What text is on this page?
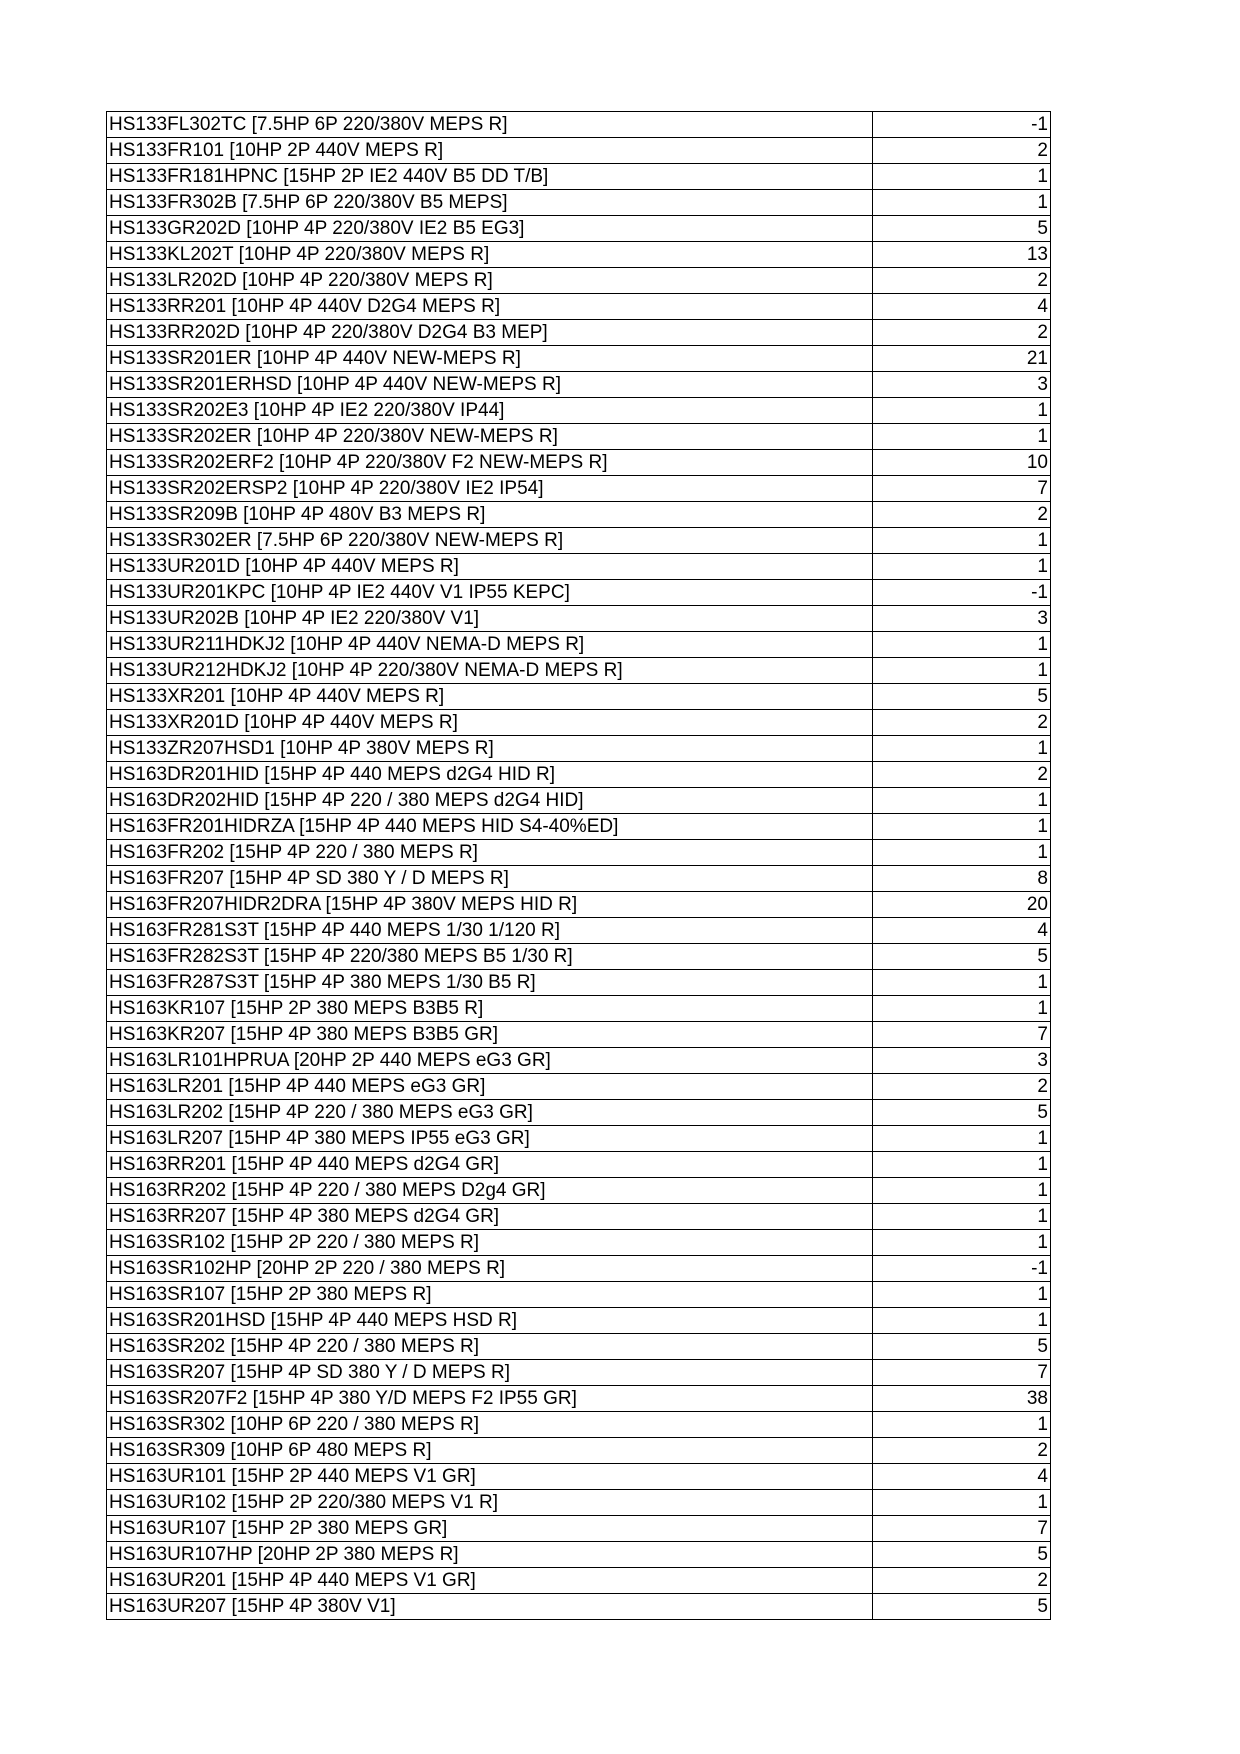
HS133FL302TC [7.5HP 6P 220/380V MEPS R]	-1
HS133FR101 [10HP 2P 440V MEPS R]	2
HS133FR181HPNC [15HP 2P IE2 440V B5 DD T/B]	1
HS133FR302B [7.5HP 6P 220/380V B5 MEPS]	1
HS133GR202D [10HP 4P 220/380V IE2 B5 EG3]	5
HS133KL202T [10HP 4P 220/380V MEPS R]	13
HS133LR202D [10HP 4P 220/380V MEPS R]	2
HS133RR201 [10HP 4P 440V D2G4 MEPS R]	4
HS133RR202D [10HP 4P 220/380V D2G4 B3 MEP]	2
HS133SR201ER [10HP 4P 440V NEW-MEPS R]	21
HS133SR201ERHSD [10HP 4P 440V NEW-MEPS R]	3
HS133SR202E3 [10HP 4P IE2 220/380V IP44]	1
HS133SR202ER [10HP 4P 220/380V NEW-MEPS R]	1
HS133SR202ERF2 [10HP 4P 220/380V F2 NEW-MEPS R]	10
HS133SR202ERSP2 [10HP 4P 220/380V IE2 IP54]	7
HS133SR209B [10HP 4P 480V B3 MEPS R]	2
HS133SR302ER [7.5HP 6P 220/380V NEW-MEPS R]	1
HS133UR201D [10HP 4P 440V MEPS R]	1
HS133UR201KPC [10HP 4P IE2 440V V1 IP55 KEPC]	-1
HS133UR202B [10HP 4P IE2 220/380V V1]	3
HS133UR211HDKJ2 [10HP 4P 440V NEMA-D MEPS R]	1
HS133UR212HDKJ2 [10HP 4P 220/380V NEMA-D MEPS R]	1
HS133XR201 [10HP 4P 440V MEPS R]	5
HS133XR201D [10HP 4P 440V MEPS R]	2
HS133ZR207HSD1 [10HP 4P 380V MEPS R]	1
HS163DR201HID [15HP 4P 440 MEPS d2G4 HID R]	2
HS163DR202HID [15HP 4P 220 / 380 MEPS d2G4 HID]	1
HS163FR201HIDRZA [15HP 4P 440 MEPS HID S4-40%ED]	1
HS163FR202 [15HP 4P 220 / 380 MEPS R]	1
HS163FR207 [15HP 4P SD 380 Y / D MEPS R]	8
HS163FR207HIDR2DRA [15HP 4P 380V MEPS HID R]	20
HS163FR281S3T [15HP 4P 440 MEPS 1/30 1/120 R]	4
HS163FR282S3T [15HP 4P 220/380 MEPS B5 1/30 R]	5
HS163FR287S3T [15HP 4P 380 MEPS 1/30 B5 R]	1
HS163KR107 [15HP 2P 380 MEPS B3B5 R]	1
HS163KR207 [15HP 4P 380 MEPS B3B5 GR]	7
HS163LR101HPRUA [20HP 2P 440 MEPS eG3 GR]	3
HS163LR201 [15HP 4P 440 MEPS eG3 GR]	2
HS163LR202 [15HP 4P 220 / 380 MEPS eG3 GR]	5
HS163LR207 [15HP 4P 380 MEPS IP55 eG3 GR]	1
HS163RR201 [15HP 4P 440 MEPS d2G4 GR]	1
HS163RR202 [15HP 4P 220 / 380 MEPS D2g4 GR]	1
HS163RR207 [15HP 4P 380 MEPS d2G4 GR]	1
HS163SR102 [15HP 2P 220 / 380 MEPS R]	1
HS163SR102HP [20HP 2P 220 / 380 MEPS R]	-1
HS163SR107 [15HP 2P 380 MEPS R]	1
HS163SR201HSD [15HP 4P 440 MEPS HSD R]	1
HS163SR202 [15HP 4P 220 / 380 MEPS R]	5
HS163SR207 [15HP 4P SD 380 Y / D MEPS R]	7
HS163SR207F2 [15HP 4P 380 Y/D MEPS F2 IP55 GR]	38
HS163SR302 [10HP 6P 220 / 380 MEPS R]	1
HS163SR309 [10HP 6P 480 MEPS R]	2
HS163UR101 [15HP 2P 440 MEPS V1 GR]	4
HS163UR102 [15HP 2P 220/380 MEPS V1 R]	1
HS163UR107 [15HP 2P 380 MEPS GR]	7
HS163UR107HP [20HP 2P 380 MEPS R]	5
HS163UR201 [15HP 4P 440 MEPS V1 GR]	2
HS163UR207 [15HP 4P 380V V1]	5
